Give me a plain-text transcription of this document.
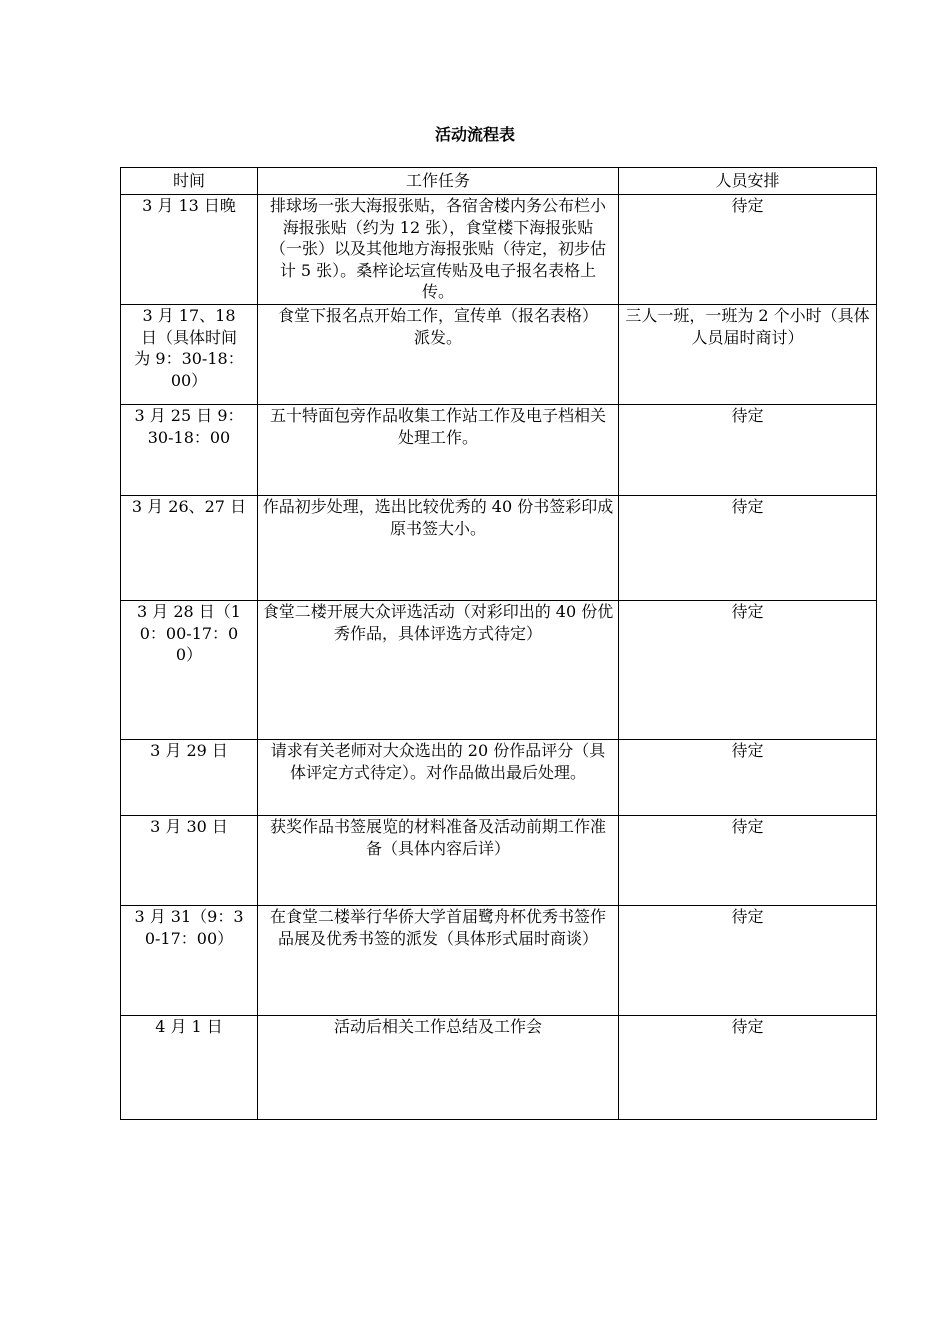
活动流程表
时间	工作任务	人员安排
3 月 13 日晚	排球场一张大海报张贴，各宿舍楼内务公布栏小海报张贴（约为 12 张），食堂楼下海报张贴（一张）以及其他地方海报张贴（待定，初步估计 5 张）。桑梓论坛宣传贴及电子报名表格上传。	待定

3 月 17、18 日（具体时间为 9：30-18：00）	食堂下报名点开始工作，宣传单（报名表格）派发。	三人一班，一班为 2 个小时（具体人员届时商讨）

3 月 25 日 9：30-18：00	五十特面包旁作品收集工作站工作及电子档相关处理工作。	待定
3 月 26、27 日	作品初步处理，选出比较优秀的 40 份书签彩印成原书签大小。	待定

3 月 28 日（10：00-17：00）	食堂二楼开展大众评选活动（对彩印出的 40 份优秀作品，具体评选方式待定）	待定
3 月 29 日	请求有关老师对大众选出的 20 份作品评分（具体评定方式待定）。对作品做出最后处理。	待定
3 月 30 日	获奖作品书签展览的材料准备及活动前期工作准备（具体内容后详）	待定

3 月 31（9：30-17：00）	在食堂二楼举行华侨大学首届鹭舟杯优秀书签作品展及优秀书签的派发（具体形式届时商谈）	待定
4 月 1 日	活动后相关工作总结及工作会	待定
